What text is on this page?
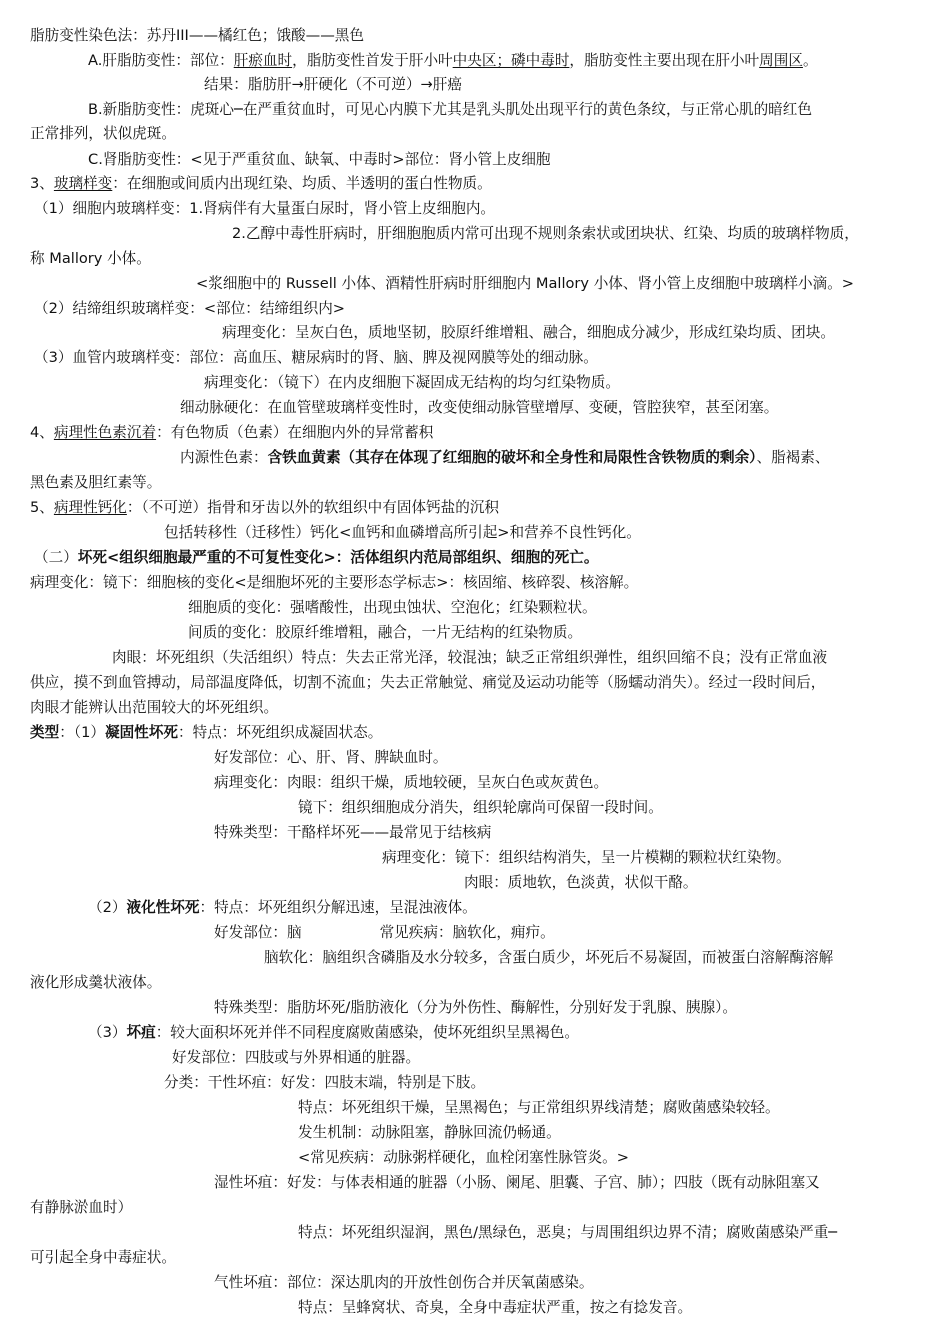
脂肪变性染色法：苏丹III——橘红色；饿酸——黑色
A.肝脂肪变性：部位：肝瘀血时，脂肪变性首发于肝小叶中央区；磷中毒时，脂肪变性主要出现在肝小叶周围区。
结果：脂肪肝→肝硬化（不可逆）→肝癌
B.新脂肪变性：虎斑心─在严重贫血时，可见心内膜下尤其是乳头肌处出现平行的黄色条纹，与正常心肌的暗红色
正常排列，状似虎斑。
C.肾脂肪变性：<见于严重贫血、缺氧、中毒时>部位：肾小管上皮细胞
3、玻璃样变：在细胞或间质内出现红染、均质、半透明的蛋白性物质。
（1）细胞内玻璃样变：1.肾病伴有大量蛋白尿时，肾小管上皮细胞内。
2.乙醇中毒性肝病时，肝细胞胞质内常可出现不规则条索状或团块状、红染、均质的玻璃样物质，
称 Mallory 小体。
<浆细胞中的 Russell 小体、酒精性肝病时肝细胞内 Mallory 小体、肾小管上皮细胞中玻璃样小滴。>
（2）结缔组织玻璃样变：<部位：结缔组织内>
病理变化：呈灰白色，质地坚韧，胶原纤维增粗、融合，细胞成分减少，形成红染均质、团块。
（3）血管内玻璃样变：部位：高血压、糖尿病时的肾、脑、脾及视网膜等处的细动脉。
病理变化：（镜下）在内皮细胞下凝固成无结构的均匀红染物质。
细动脉硬化：在血管壁玻璃样变性时，改变使细动脉管壁增厚、变硬，管腔狭窄，甚至闭塞。
4、病理性色素沉着：有色物质（色素）在细胞内外的异常蓄积
内源性色素：含铁血黄素（其存在体现了红细胞的破坏和全身性和局限性含铁物质的剩余）、脂褐素、
黑色素及胆红素等。
5、病理性钙化：（不可逆）指骨和牙齿以外的软组织中有固体钙盐的沉积
包括转移性（迁移性）钙化<血钙和血磷增高所引起>和营养不良性钙化。
（二）坏死<组织细胞最严重的不可复性变化>：活体组织内范局部组织、细胞的死亡。
病理变化：镜下：细胞核的变化<是细胞坏死的主要形态学标志>：核固缩、核碎裂、核溶解。
细胞质的变化：强嗜酸性，出现虫蚀状、空泡化；红染颗粒状。
间质的变化：胶原纤维增粗，融合，一片无结构的红染物质。
肉眼：坏死组织（失活组织）特点：失去正常光泽，较混浊；缺乏正常组织弹性，组织回缩不良；没有正常血液
供应，摸不到血管搏动，局部温度降低，切割不流血；失去正常触觉、痛觉及运动功能等（肠蠕动消失）。经过一段时间后，
肉眼才能辨认出范围较大的坏死组织。
类型：（1）凝固性坏死：特点：坏死组织成凝固状态。
好发部位：心、肝、肾、脾缺血时。
病理变化：肉眼：组织干燥，质地较硬，呈灰白色或灰黄色。
镜下：组织细胞成分消失，组织轮廓尚可保留一段时间。
特殊类型：干酪样坏死——最常见于结核病
病理变化：镜下：组织结构消失，呈一片模糊的颗粒状红染物。
肉眼：质地软，色淡黄，状似干酪。
（2）液化性坏死：特点：坏死组织分解迅速，呈混浊液体。
好发部位：脑	常见疾病：脑软化，痈疖。
脑软化：脑组织含磷脂及水分较多，含蛋白质少，坏死后不易凝固，而被蛋白溶解酶溶解
液化形成羹状液体。
特殊类型：脂肪坏死/脂肪液化（分为外伤性、酶解性，分别好发于乳腺、胰腺）。
（3）坏疽：较大面积坏死并伴不同程度腐败菌感染，使坏死组织呈黑褐色。
好发部位：四肢或与外界相通的脏器。
分类：干性坏疽：好发：四肢末端，特别是下肢。
特点：坏死组织干燥，呈黑褐色；与正常组织界线清楚；腐败菌感染较轻。
发生机制：动脉阻塞，静脉回流仍畅通。
<常见疾病：动脉粥样硬化，血栓闭塞性脉管炎。>
湿性坏疽：好发：与体表相通的脏器（小肠、阑尾、胆囊、子宫、肺）；四肢（既有动脉阻塞又
有静脉淤血时）
特点：坏死组织湿润，黑色/黑绿色，恶臭；与周围组织边界不清；腐败菌感染严重─
可引起全身中毒症状。
气性坏疽：部位：深达肌肉的开放性创伤合并厌氧菌感染。
特点：呈蜂窝状、奇臭，全身中毒症状严重，按之有捻发音。
